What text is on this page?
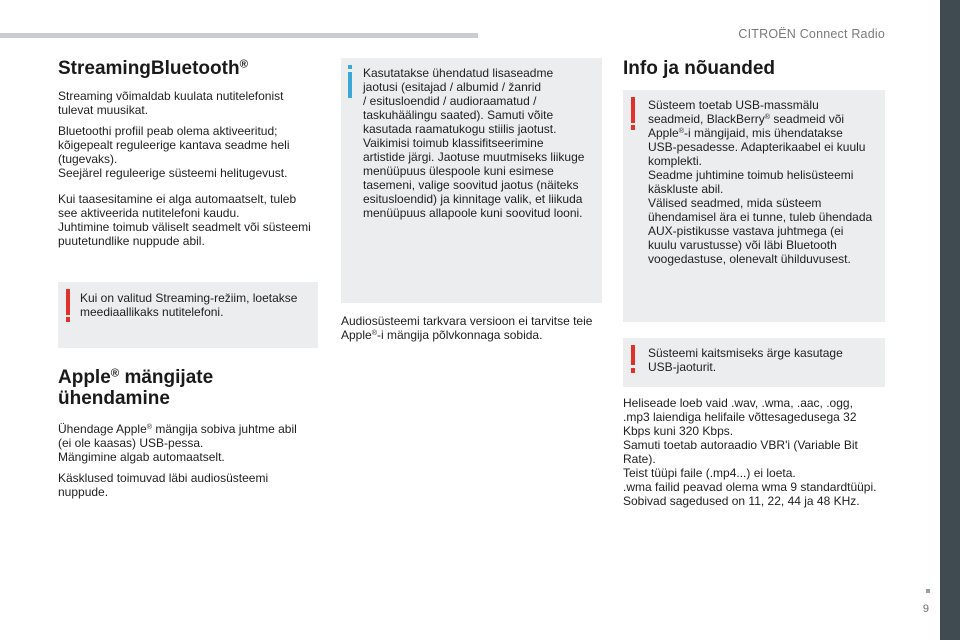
CITROËN Connect Radio
9
StreamingBluetooth®

Streaming võimaldab kuulata nutitelefonist
tulevat muusikat.

Bluetoothi profiil peab olema aktiveeritud;
kõigepealt reguleerige kantava seadme heli
(tugevaks).
Seejärel reguleerige süsteemi helitugevust.

Kui taasesitamine ei alga automaatselt, tuleb
see aktiveerida nutitelefoni kaudu.
Juhtimine toimub väliselt seadmelt või süsteemi
puutetundlike nuppude abil.

Kui on valitud Streaming-režiim, loetakse
meediaallikaks nutitelefoni.

Apple® mängijate
ühendamine

Ühendage Apple® mängija sobiva juhtme abil
(ei ole kaasas) USB-pessa.
Mängimine algab automaatselt.

Käsklused toimuvad läbi audiosüsteemi
nuppude.

Kasutatakse ühendatud lisaseadme
jaotusi (esitajad / albumid / žanrid
/ esitusloendid / audioraamatud /
taskuhäälingu saated). Samuti võite
kasutada raamatukogu stiilis jaotust.
Vaikimisi toimub klassifitseerimine
artistide järgi. Jaotuse muutmiseks liikuge
menüüpuus ülespoole kuni esimese
tasemeni, valige soovitud jaotus (näiteks
esitusloendid) ja kinnitage valik, et liikuda
menüüpuus allapoole kuni soovitud looni.

Audiosüsteemi tarkvara versioon ei tarvitse teie
Apple®-i mängija põlvkonnaga sobida.

Info ja nõuanded

Süsteem toetab USB-massmälu
seadmeid, BlackBerry® seadmeid või
Apple®-i mängijaid, mis ühendatakse
USB-pesadesse. Adapterikaabel ei kuulu
komplekti.
Seadme juhtimine toimub helisüsteemi
käskluste abil.
Välised seadmed, mida süsteem
ühendamisel ära ei tunne, tuleb ühendada
AUX-pistikusse vastava juhtmega (ei
kuulu varustusse) või läbi Bluetooth
voogedastuse, olenevalt ühilduvusest.

Süsteemi kaitsmiseks ärge kasutage
USB-jaoturit.

Heliseade loeb vaid .wav, .wma, .aac, .ogg,
.mp3 laiendiga helifaile võttesagedusega 32
Kbps kuni 320 Kbps.
Samuti toetab autoraadio VBR'i (Variable Bit
Rate).
Teist tüüpi faile (.mp4...) ei loeta.
.wma failid peavad olema wma 9 standardtüüpi.
Sobivad sagedused on 11, 22, 44 ja 48 KHz.
